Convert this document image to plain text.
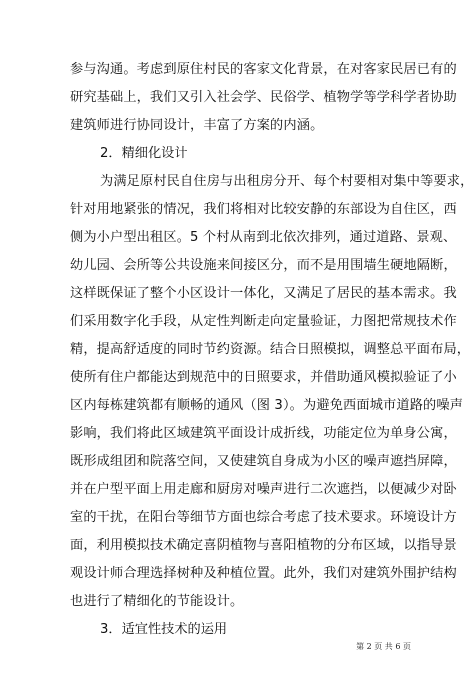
参与沟通。考虑到原住村民的客家文化背景，在对客家民居已有的
研究基础上，我们又引入社会学、民俗学、植物学等学科学者协助
建筑师进行协同设计，丰富了方案的内涵。
2．精细化设计
为满足原村民自住房与出租房分开、每个村要相对集中等要求，
针对用地紧张的情况，我们将相对比较安静的东部设为自住区，西
侧为小户型出租区。5 个村从南到北依次排列，通过道路、景观、
幼儿园、会所等公共设施来间接区分，而不是用围墙生硬地隔断，
这样既保证了整个小区设计一体化，又满足了居民的基本需求。我
们采用数字化手段，从定性判断走向定量验证，力图把常规技术作
精，提高舒适度的同时节约资源。结合日照模拟，调整总平面布局，
使所有住户都能达到规范中的日照要求，并借助通风模拟验证了小
区内每栋建筑都有顺畅的通风（图 3）。为避免西面城市道路的噪声
影响，我们将此区域建筑平面设计成折线，功能定位为单身公寓，
既形成组团和院落空间，又使建筑自身成为小区的噪声遮挡屏障，
并在户型平面上用走廊和厨房对噪声进行二次遮挡，以便减少对卧
室的干扰，在阳台等细节方面也综合考虑了技术要求。环境设计方
面，利用模拟技术确定喜阴植物与喜阳植物的分布区域，以指导景
观设计师合理选择树种及种植位置。此外，我们对建筑外围护结构
也进行了精细化的节能设计。
3．适宜性技术的运用
第 2 页 共 6 页
